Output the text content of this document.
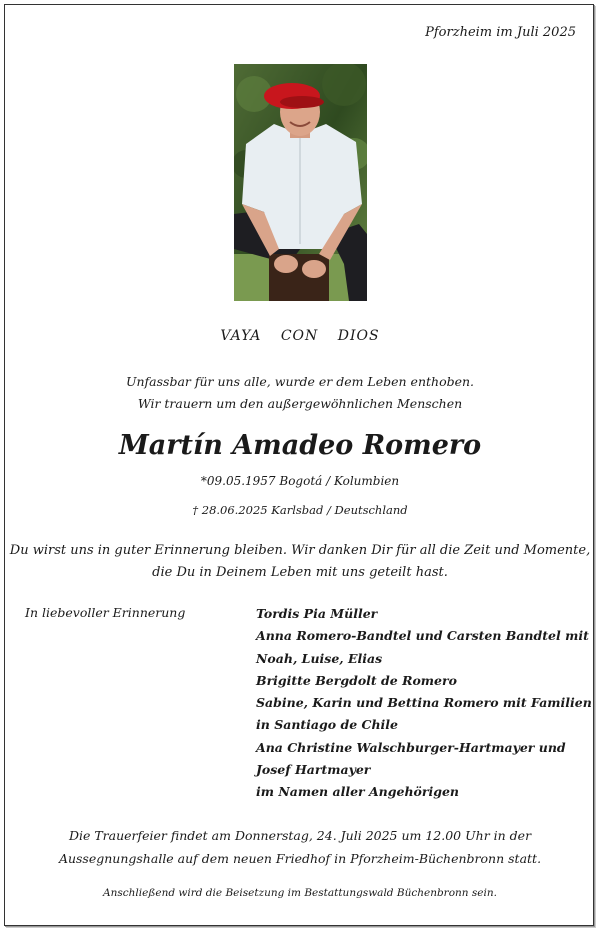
Pforzheim im Juli 2025
VAYA CON DIOS
Unfassbar für uns alle, wurde er dem Leben enthoben.
Wir trauern um den außergewöhnlichen Menschen
Martín Amadeo Romero
*09.05.1957 Bogotá / Kolumbien
† 28.06.2025 Karlsbad / Deutschland
Du wirst uns in guter Erinnerung bleiben. Wir danken Dir für all die Zeit und Momente,
die Du in Deinem Leben mit uns geteilt hast.
In liebevoller Erinnerung	Tordis Pia Müller
Anna Romero-Bandtel und Carsten Bandtel mit
Noah, Luise, Elias
Brigitte Bergdolt de Romero
Sabine, Karin und Bettina Romero mit Familien
in Santiago de Chile
Ana Christine Walschburger-Hartmayer und
Josef Hartmayer
im Namen aller Angehörigen
Die Trauerfeier findet am Donnerstag, 24. Juli 2025 um 12.00 Uhr in der
Aussegnungshalle auf dem neuen Friedhof in Pforzheim-Büchenbronn statt.
Anschließend wird die Beisetzung im Bestattungswald Büchenbronn sein.
